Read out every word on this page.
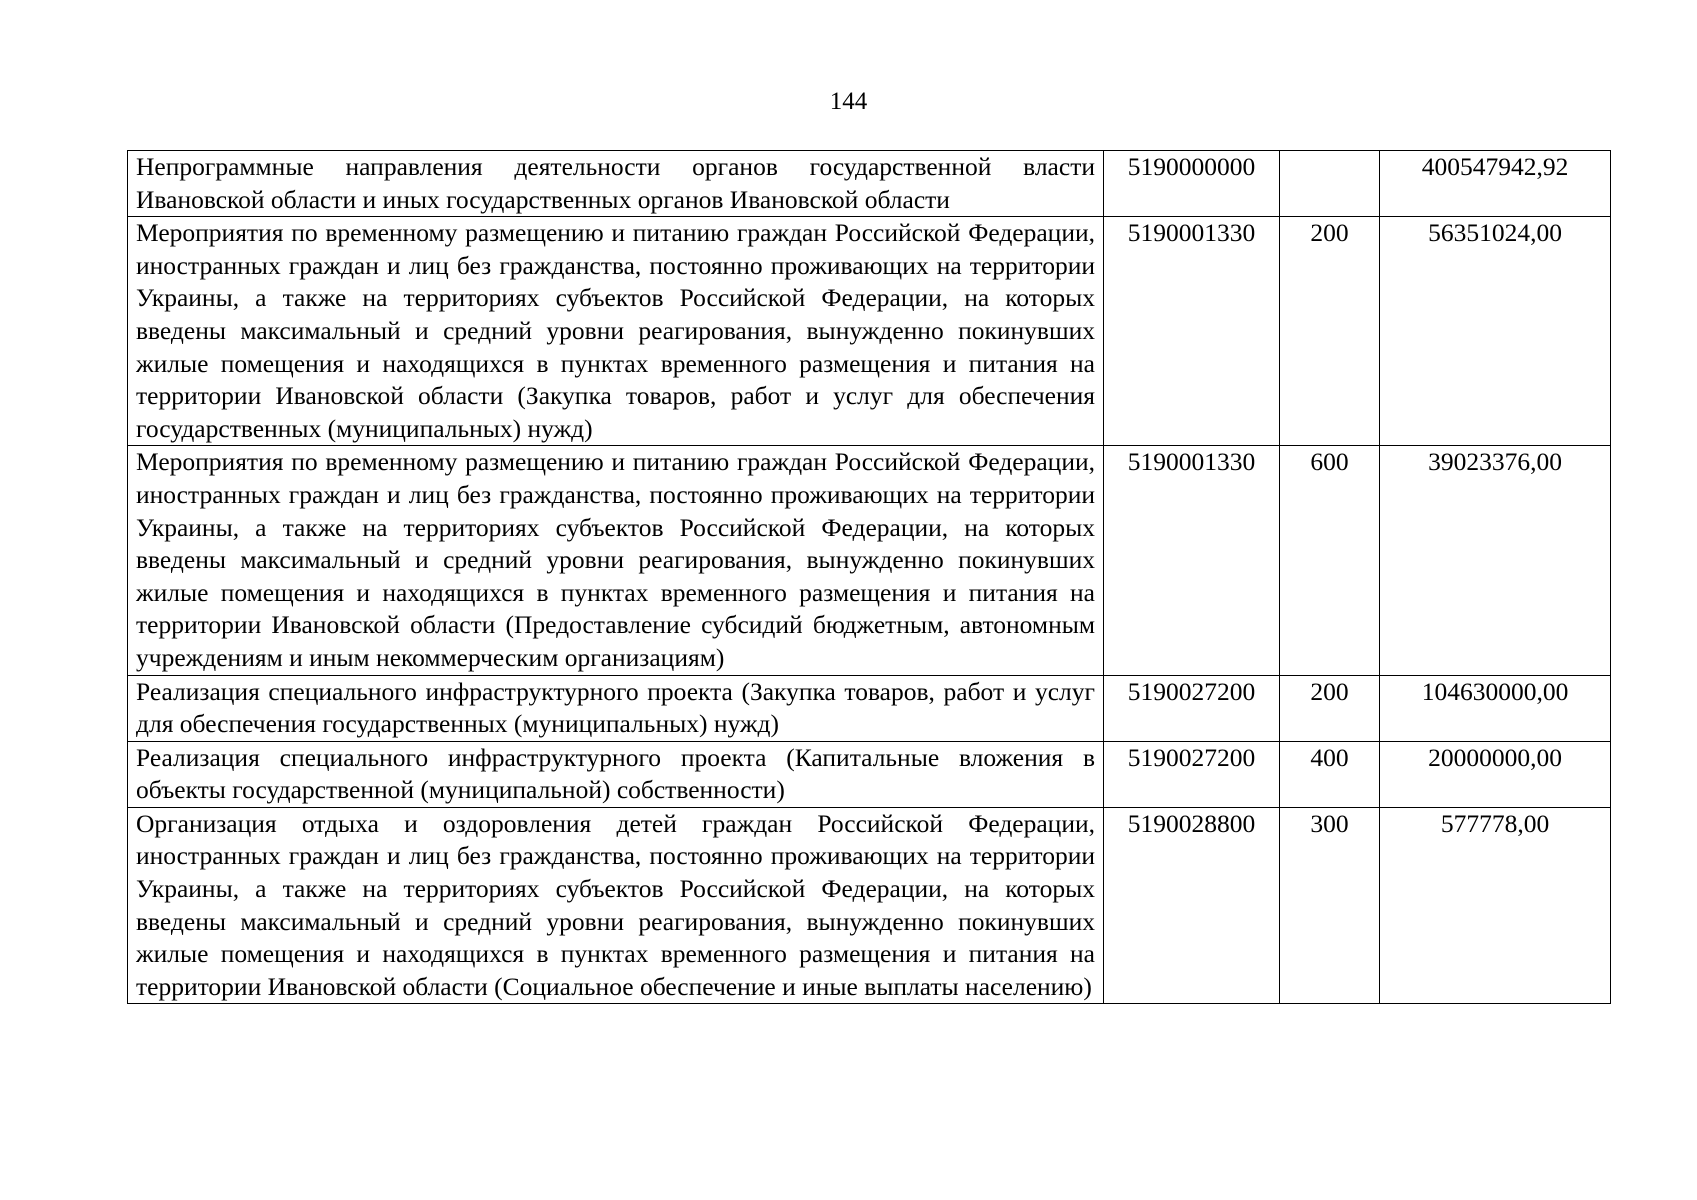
144
Непрограммные направления деятельности органов государственной власти Ивановской области и иных государственных органов Ивановской области	5190000000		400547942,92
Мероприятия по временному размещению и питанию граждан Российской Федерации, иностранных граждан и лиц без гражданства, постоянно проживающих на территории Украины, а также на территориях субъектов Российской Федерации, на которых введены максимальный и средний уровни реагирования, вынужденно покинувших жилые помещения и находящихся в пунктах временного размещения и питания на территории Ивановской области (Закупка товаров, работ и услуг для обеспечения государственных (муниципальных) нужд)	5190001330	200	56351024,00
Мероприятия по временному размещению и питанию граждан Российской Федерации, иностранных граждан и лиц без гражданства, постоянно проживающих на территории Украины, а также на территориях субъектов Российской Федерации, на которых введены максимальный и средний уровни реагирования, вынужденно покинувших жилые помещения и находящихся в пунктах временного размещения и питания на территории Ивановской области (Предоставление субсидий бюджетным, автономным учреждениям и иным некоммерческим организациям)	5190001330	600	39023376,00
Реализация специального инфраструктурного проекта (Закупка товаров, работ и услуг для обеспечения государственных (муниципальных) нужд)	5190027200	200	104630000,00
Реализация специального инфраструктурного проекта (Капитальные вложения в объекты государственной (муниципальной) собственности)	5190027200	400	20000000,00
Организация отдыха и оздоровления детей граждан Российской Федерации, иностранных граждан и лиц без гражданства, постоянно проживающих на территории Украины, а также на территориях субъектов Российской Федерации, на которых введены максимальный и средний уровни реагирования, вынужденно покинувших жилые помещения и находящихся в пунктах временного размещения и питания на территории Ивановской области (Социальное обеспечение и иные выплаты населению)	5190028800	300	577778,00
